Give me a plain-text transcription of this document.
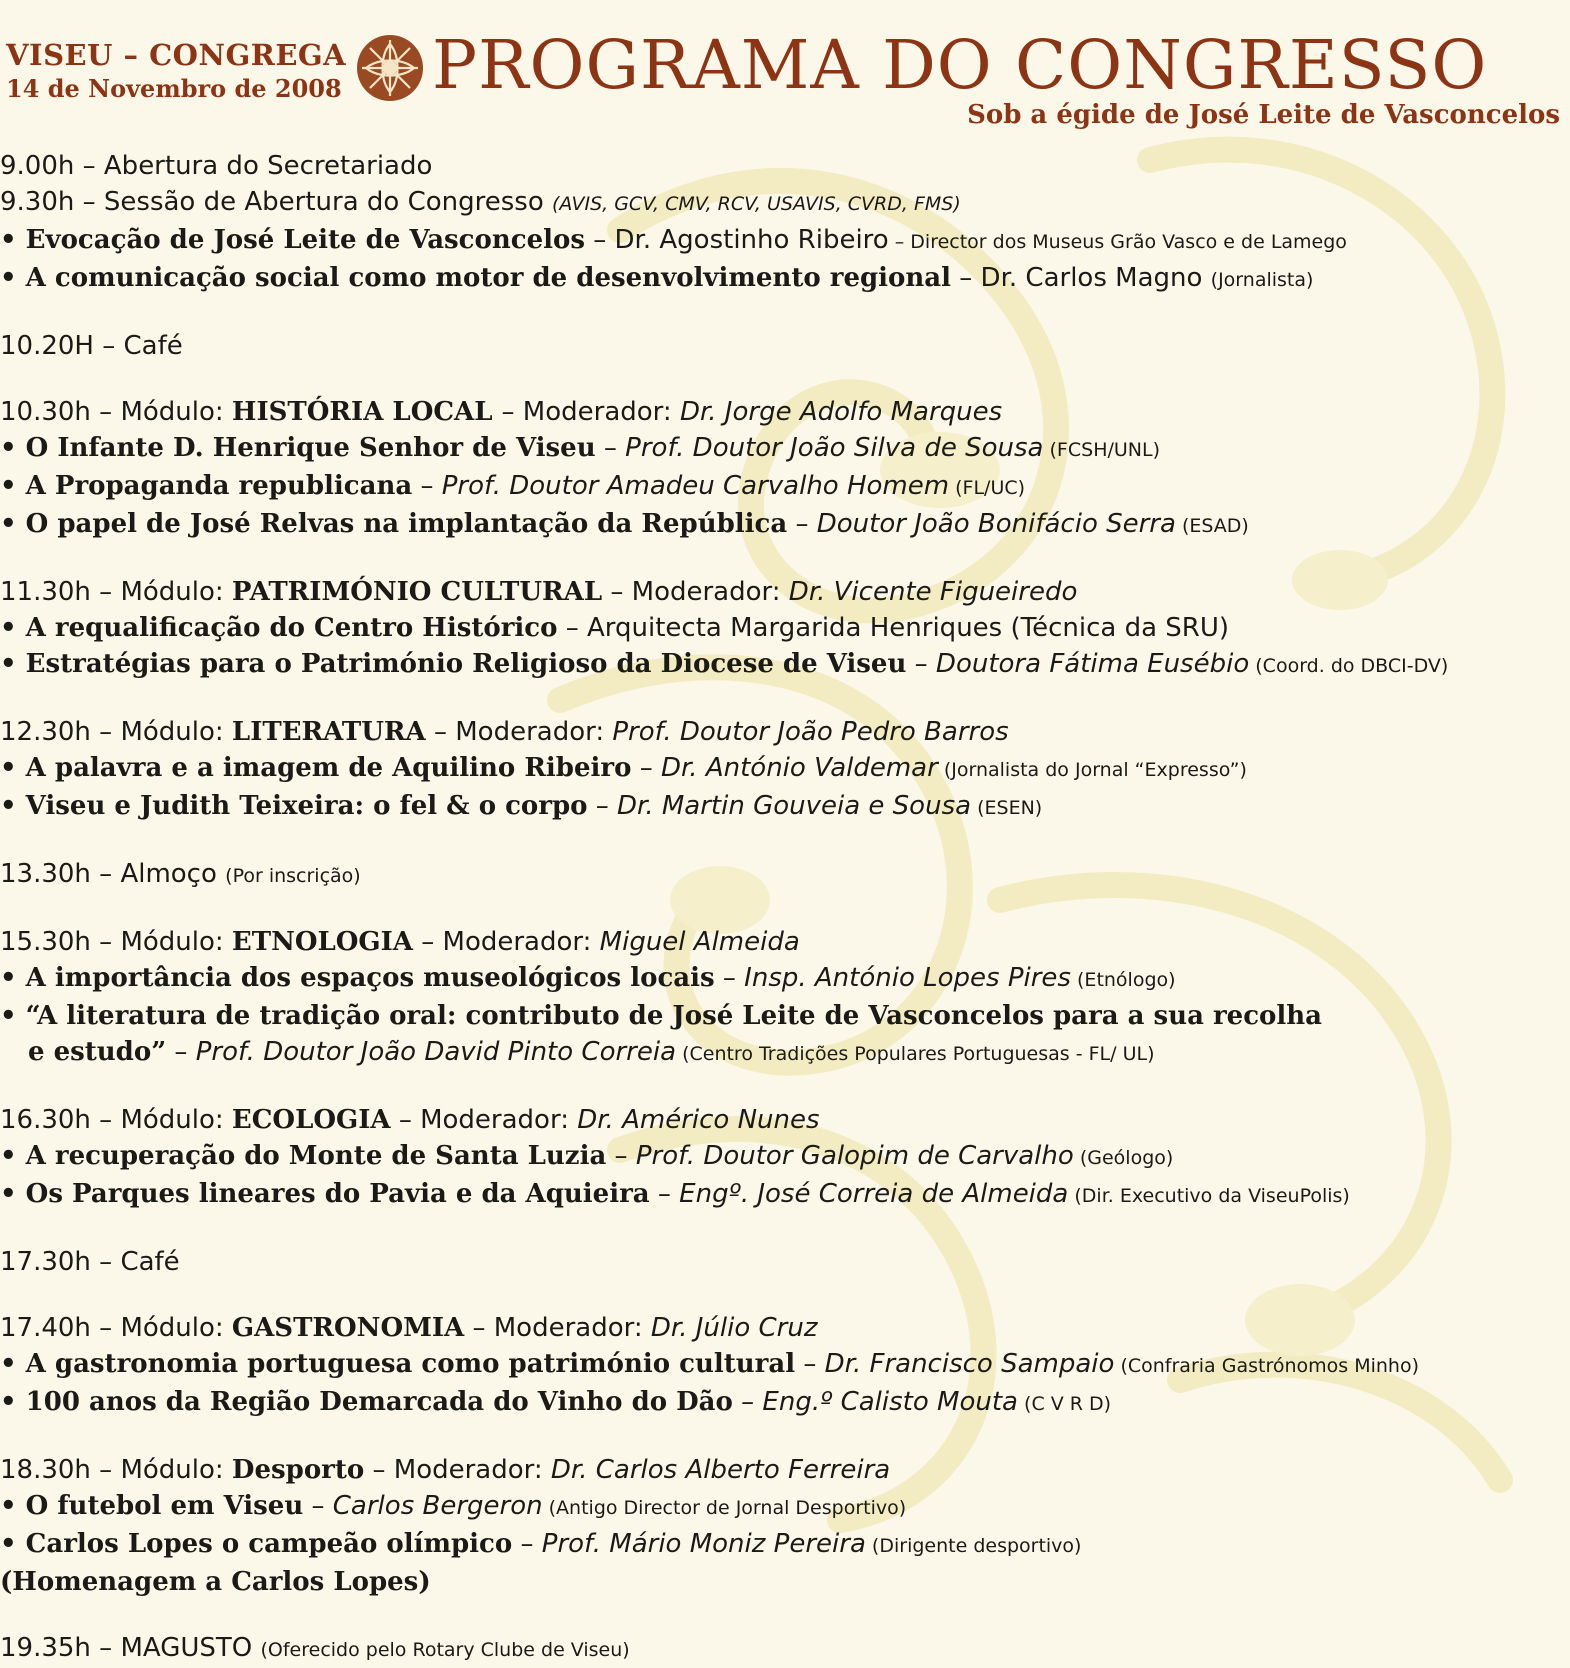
VISEU – CONGREGA
14 de Novembro de 2008 PROGRAMA DO CONGRESSO
Sob a égide de José Leite de Vasconcelos
9.00h – Abertura do Secretariado
9.30h – Sessão de Abertura do Congresso (AVIS, GCV, CMV, RCV, USAVIS, CVRD, FMS)
• Evocação de José Leite de Vasconcelos – Dr. Agostinho Ribeiro – Director dos Museus Grão Vasco e de Lamego
• A comunicação social como motor de desenvolvimento regional – Dr. Carlos Magno (Jornalista)
10.20H – Café
10.30h – Módulo: HISTÓRIA LOCAL – Moderador: Dr. Jorge Adolfo Marques
• O Infante D. Henrique Senhor de Viseu – Prof. Doutor João Silva de Sousa (FCSH/UNL)
• A Propaganda republicana – Prof. Doutor Amadeu Carvalho Homem (FL/UC)
• O papel de José Relvas na implantação da República – Doutor João Bonifácio Serra (ESAD)
11.30h – Módulo: PATRIMÓNIO CULTURAL – Moderador: Dr. Vicente Figueiredo
• A requalificação do Centro Histórico – Arquitecta Margarida Henriques (Técnica da SRU)
• Estratégias para o Património Religioso da Diocese de Viseu – Doutora Fátima Eusébio (Coord. do DBCI-DV)
12.30h – Módulo: LITERATURA – Moderador: Prof. Doutor João Pedro Barros
• A palavra e a imagem de Aquilino Ribeiro – Dr. António Valdemar (Jornalista do Jornal “Expresso”)
• Viseu e Judith Teixeira: o fel & o corpo – Dr. Martin Gouveia e Sousa (ESEN)
13.30h – Almoço (Por inscrição)
15.30h – Módulo: ETNOLOGIA – Moderador: Miguel Almeida
• A importância dos espaços museológicos locais – Insp. António Lopes Pires (Etnólogo)
• “A literatura de tradição oral: contributo de José Leite de Vasconcelos para a sua recolha
e estudo” – Prof. Doutor João David Pinto Correia (Centro Tradições Populares Portuguesas - FL/ UL)
16.30h – Módulo: ECOLOGIA – Moderador: Dr. Américo Nunes
• A recuperação do Monte de Santa Luzia – Prof. Doutor Galopim de Carvalho (Geólogo)
• Os Parques lineares do Pavia e da Aquieira – Engº. José Correia de Almeida (Dir. Executivo da ViseuPolis)
17.30h – Café
17.40h – Módulo: GASTRONOMIA – Moderador: Dr. Júlio Cruz
• A gastronomia portuguesa como património cultural – Dr. Francisco Sampaio (Confraria Gastrónomos Minho)
• 100 anos da Região Demarcada do Vinho do Dão – Eng.º Calisto Mouta (C V R D)
18.30h – Módulo: Desporto – Moderador: Dr. Carlos Alberto Ferreira
• O futebol em Viseu – Carlos Bergeron (Antigo Director de Jornal Desportivo)
• Carlos Lopes o campeão olímpico – Prof. Mário Moniz Pereira (Dirigente desportivo)
(Homenagem a Carlos Lopes)
19.35h – MAGUSTO (Oferecido pelo Rotary Clube de Viseu)
